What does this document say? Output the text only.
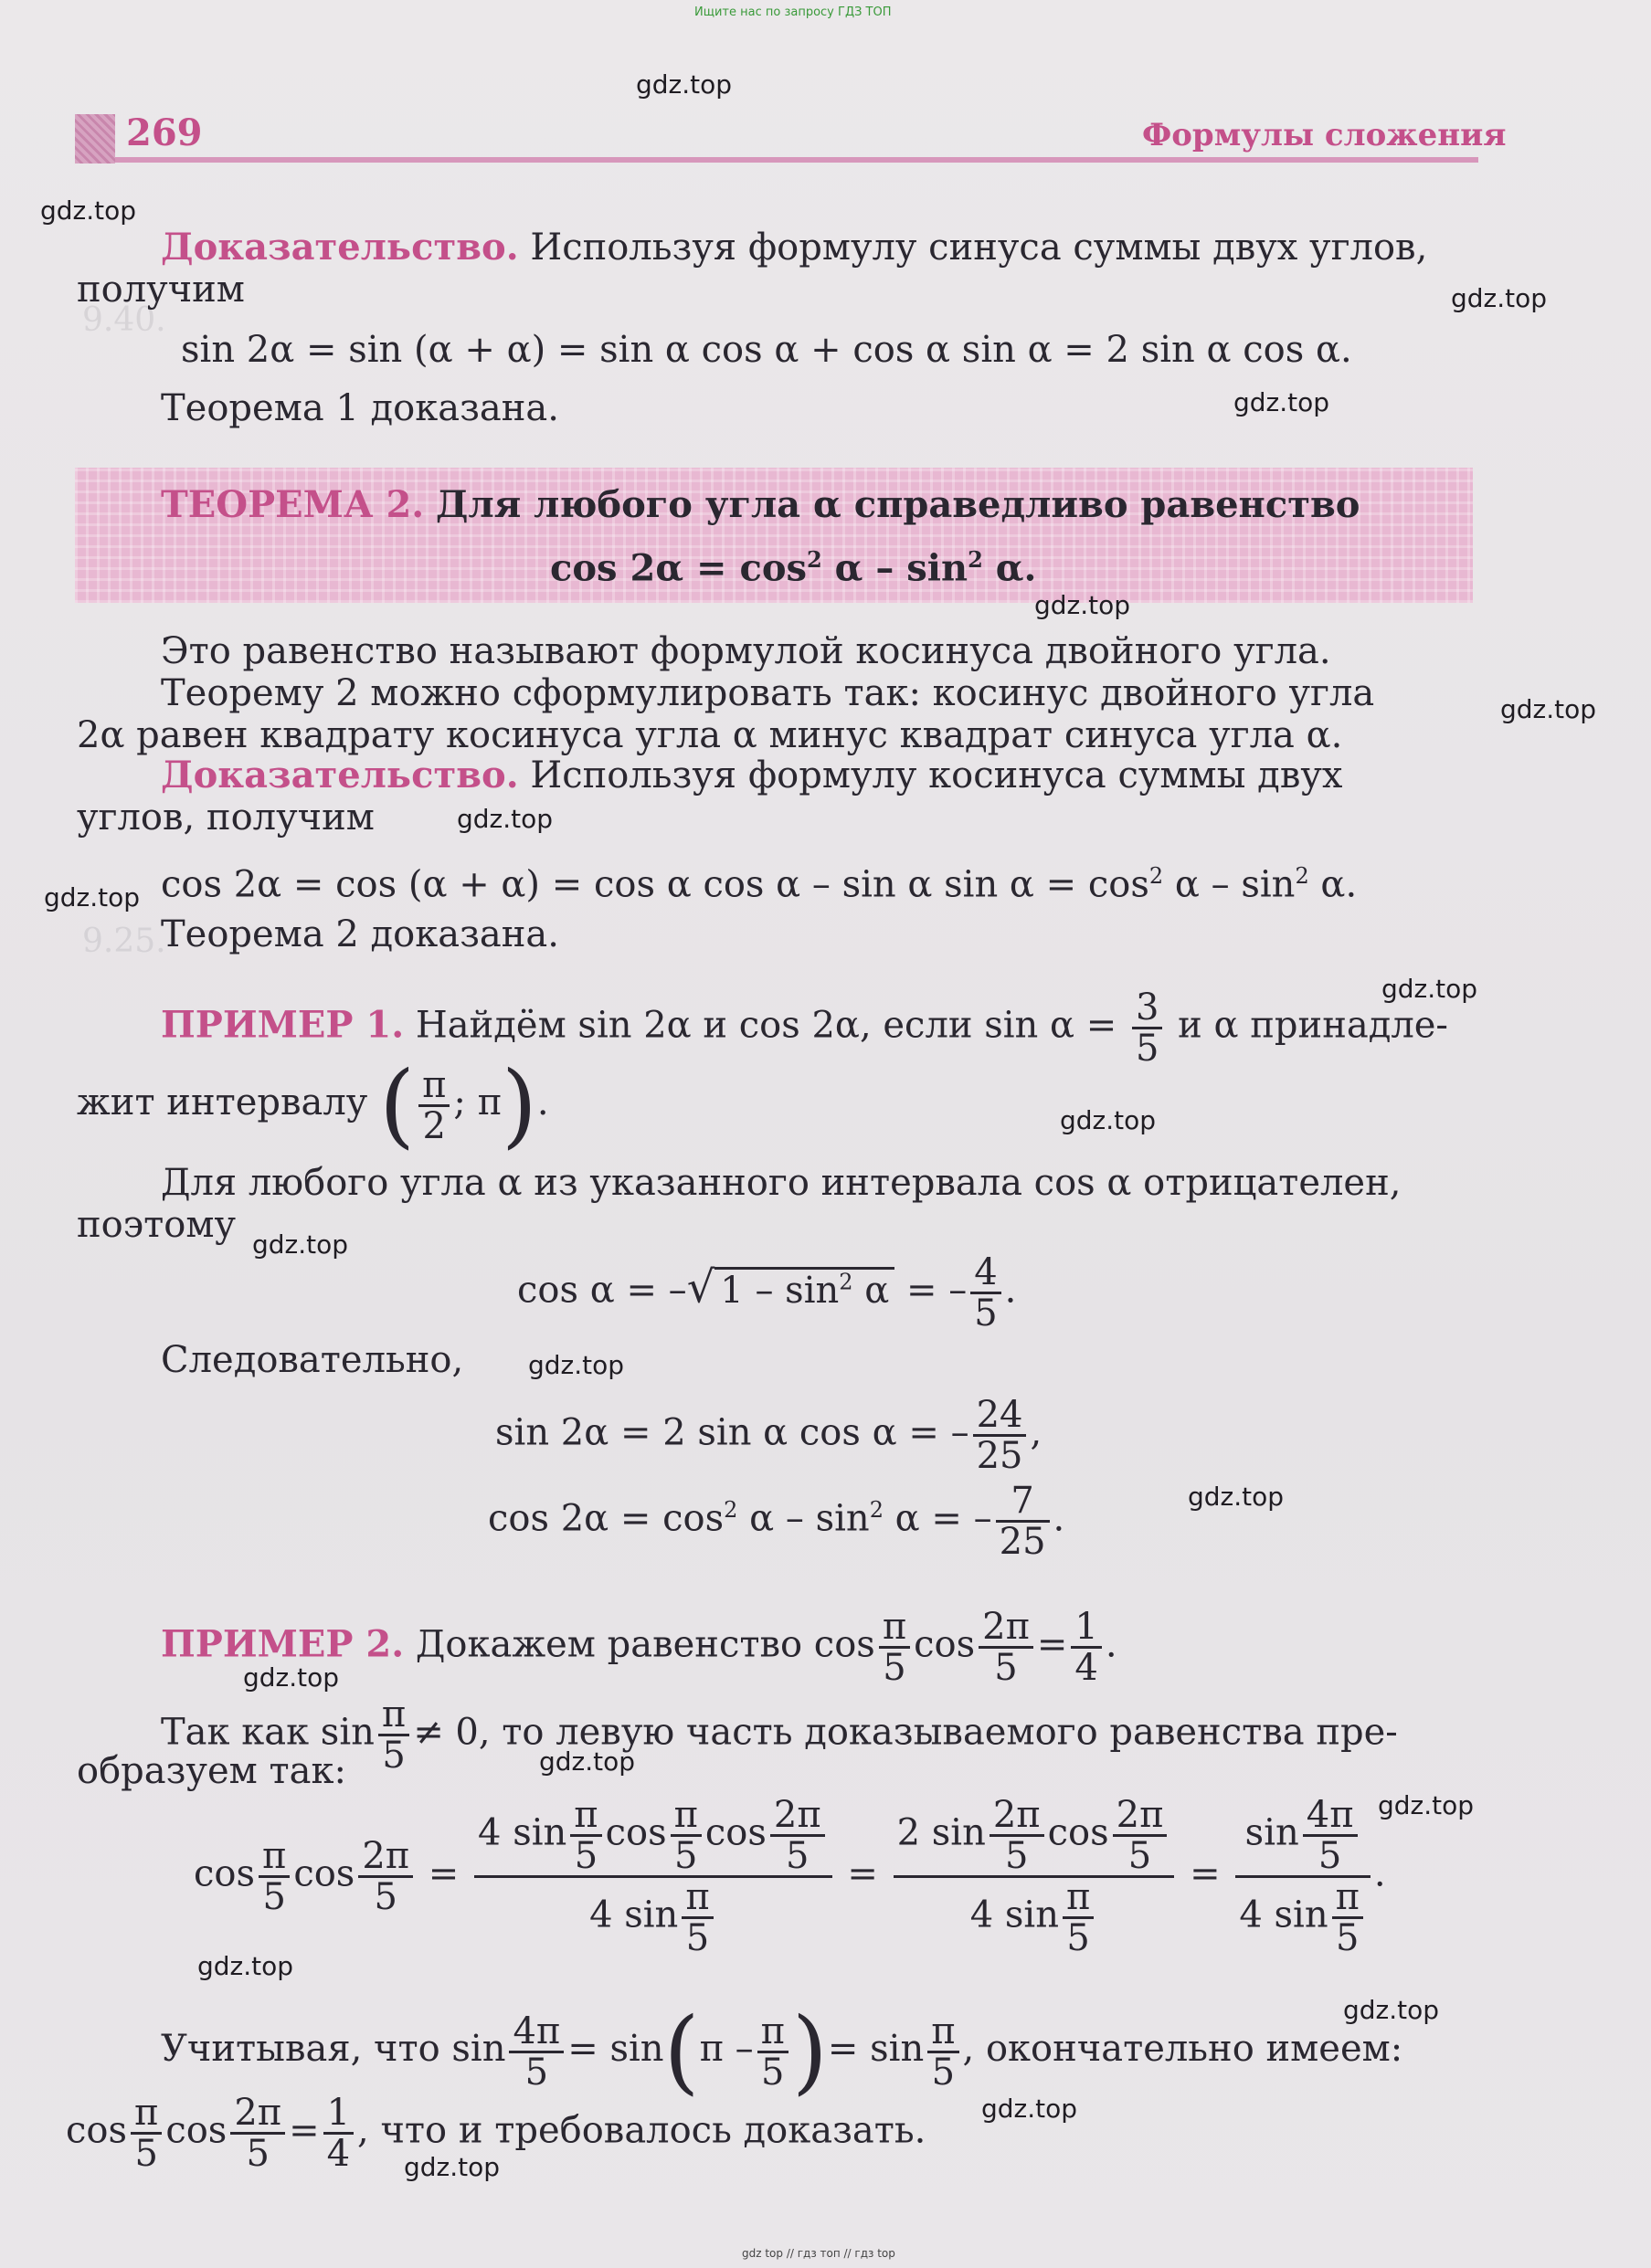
Ищите нас по запросу ГДЗ ТОП
9.40.
9.25.

269	Формулы сложения
Доказательство. Используя формулу синуса суммы двух углов,
получим
sin 2α = sin (α + α) = sin α cos α + cos α sin α = 2 sin α cos α.
Теорема 1 доказана.
ТЕОРЕМА 2. Для любого угла α справедливо равенство
$\cos 2\alpha = \cos^2 \alpha - \sin^2 \alpha$.
Это равенство называют формулой косинуса двойного угла.
Теорему 2 можно сформулировать так: косинус двойного угла
2α равен квадрату косинуса угла α минус квадрат синуса угла α.
Доказательство. Используя формулу косинуса суммы двух
углов, получим
cos 2α = cos (α + α) = cos α cos α – sin α $\sin \alpha = \cos^2 \alpha - \sin^2 \alpha$.
Теорема 2 доказана.
ПРИМЕР 1. Найдём sin 2α и cos 2α, если $\sin \alpha = \frac{3}{5}$ и α принадле-
жит интервалу ( $\frac{\pi}{2}$ ; π).
Для любого угла α из указанного интервала cos α отрицателен,
поэтому
cos α = –√ $1 - \sin^2 \alpha$ = – $\frac{4}{5}$ .
Следовательно,
sin 2α = 2 sin α cos α = – $\frac{24}{25}$ ,
$\cos 2\alpha = \cos^2 \alpha - \sin^2 \alpha$ = – $\frac{7}{25}$ .
ПРИМЕР 2. Докажем равенство $\cos \frac{\pi}{5}$ $\cos \frac{2\pi}{5} = \frac{1}{4}$ .
Так как $\sin \frac{\pi}{5} \ne 0$, то левую часть доказываемого равенства пре-
образуем так:
$\cos \frac{\pi}{5}$ $\cos \frac{2\pi}{5} = \frac{4 \sin \frac{\pi}{5} \cos \frac{\pi}{5} \cos \frac{2\pi}{5}}{4 \sin \frac{\pi}{5}} = \frac{2 \sin \frac{2\pi}{5} \cos \frac{2\pi}{5}}{4 \sin \frac{\pi}{5}} = \frac{\sin \frac{4\pi}{5}}{4 \sin \frac{\pi}{5}}$ .
Учитывая, что $\sin \frac{4\pi}{5} = \sin(\pi - \frac{\pi}{5}$ )= $\sin \frac{\pi}{5}$ , окончательно имеем:
$\cos \frac{\pi}{5}$ $\cos \frac{2\pi}{5} = \frac{1}{4}$ , что и требовалось доказать.
gdz.top
gdz.top
gdz.top
gdz.top
gdz.top
gdz.top
gdz.top
gdz.top
gdz.top
gdz.top
gdz.top
gdz.top
gdz.top
gdz.top
gdz.top
gdz.top
gdz.top
gdz.top
gdz.top
gdz.top
gdz top // гдз топ // гдз top
